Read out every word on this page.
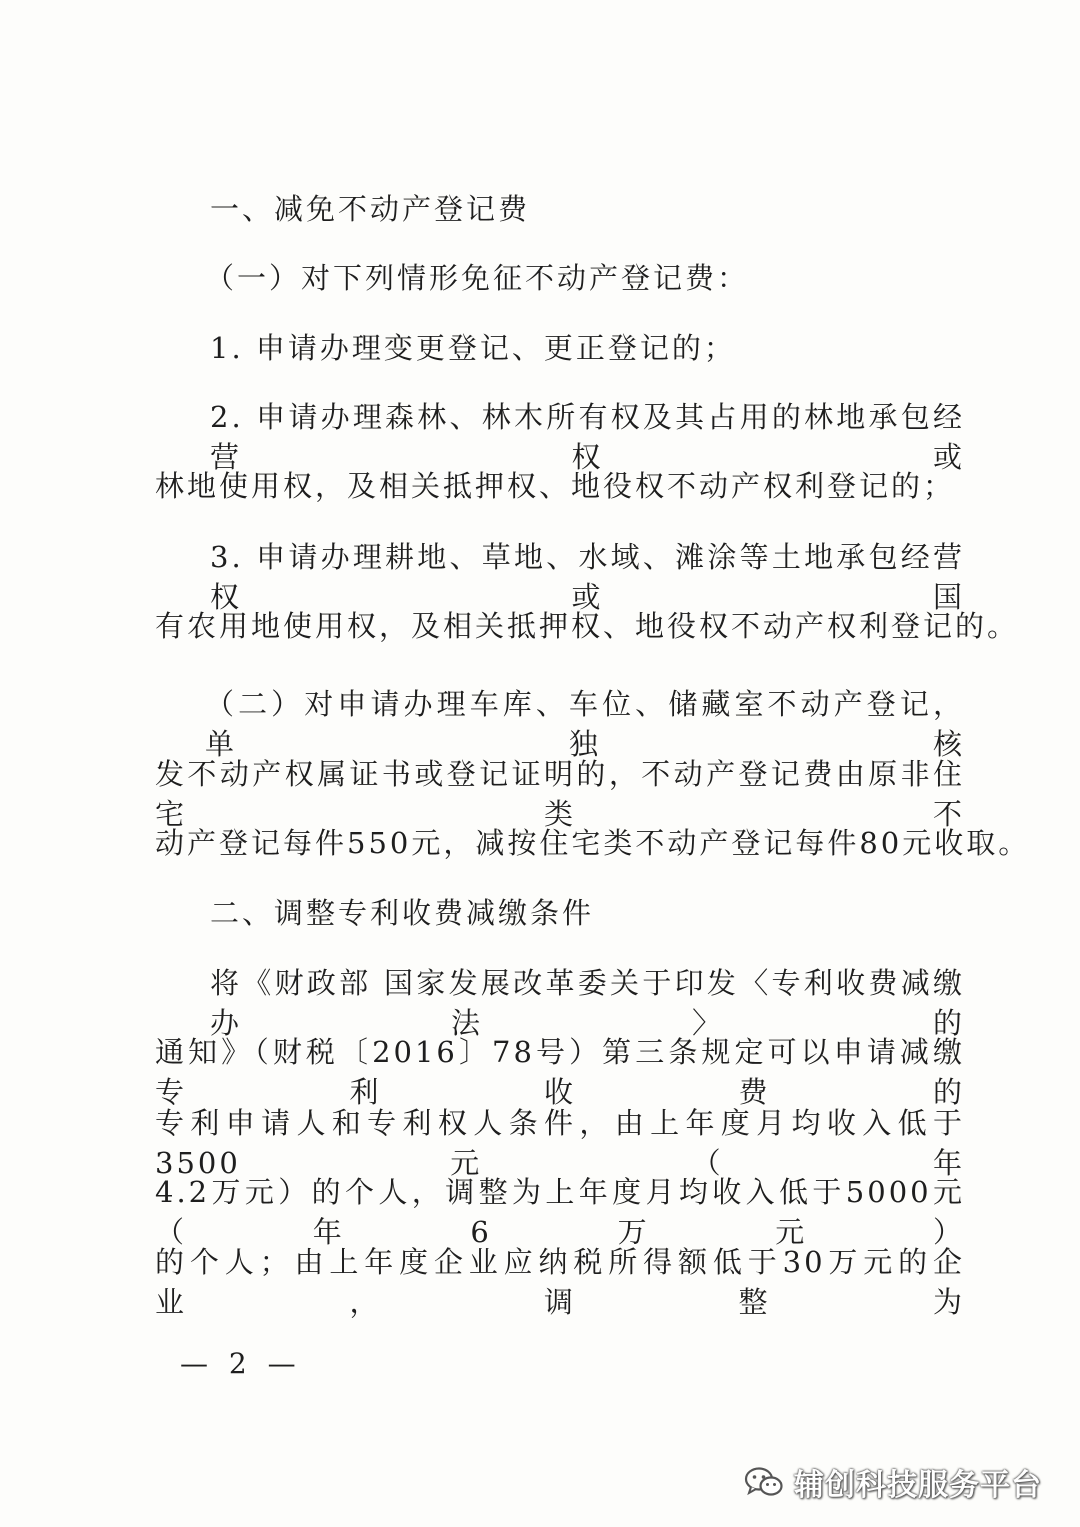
一、减免不动产登记费
（一）对下列情形免征不动产登记费：
1. 申请办理变更登记、更正登记的；
2. 申请办理森林、林木所有权及其占用的林地承包经营权或
林地使用权，及相关抵押权、地役权不动产权利登记的；
3. 申请办理耕地、草地、水域、滩涂等土地承包经营权或国
有农用地使用权，及相关抵押权、地役权不动产权利登记的。
（二）对申请办理车库、车位、储藏室不动产登记，单独核
发不动产权属证书或登记证明的，不动产登记费由原非住宅类不
动产登记每件550元，减按住宅类不动产登记每件80元收取。
二、调整专利收费减缴条件
将《财政部 国家发展改革委关于印发〈专利收费减缴办法〉的
通知》（财税〔2016〕78号）第三条规定可以申请减缴专利收费的
专利申请人和专利权人条件，由上年度月均收入低于3500元（年
4.2万元）的个人，调整为上年度月均收入低于5000元（年6万元）
的个人；由上年度企业应纳税所得额低于30万元的企业，调整为
— 2 —
辅创科技服务平台
